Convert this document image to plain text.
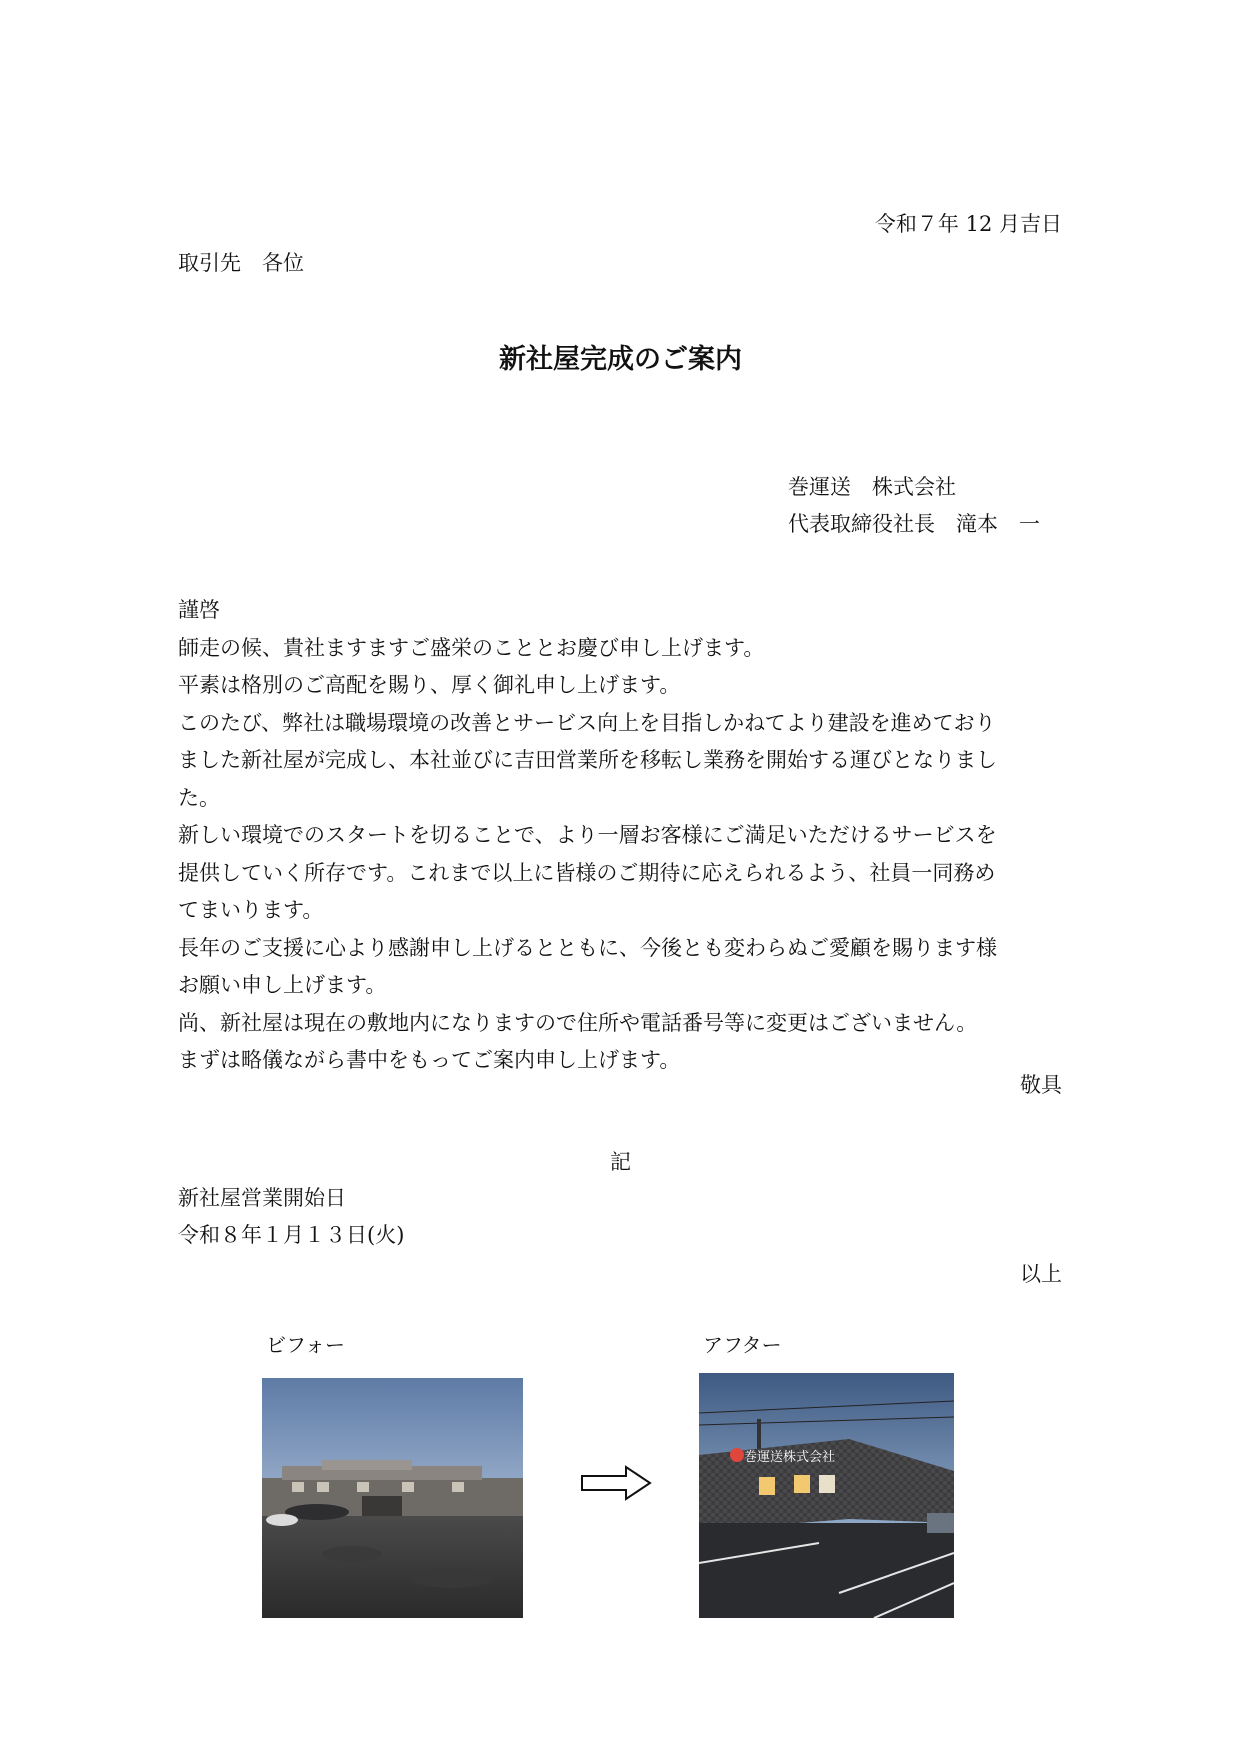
令和７年 12 月吉日
取引先　各位
新社屋完成のご案内
巻運送　株式会社
代表取締役社長　滝本　一
謹啓
師走の候、貴社ますますご盛栄のこととお慶び申し上げます。
平素は格別のご高配を賜り、厚く御礼申し上げます。
このたび、弊社は職場環境の改善とサービス向上を目指しかねてより建設を進めており
ました新社屋が完成し、本社並びに吉田営業所を移転し業務を開始する運びとなりまし
た。
新しい環境でのスタートを切ることで、より一層お客様にご満足いただけるサービスを
提供していく所存です。これまで以上に皆様のご期待に応えられるよう、社員一同務め
てまいります。
長年のご支援に心より感謝申し上げるとともに、今後とも変わらぬご愛顧を賜ります様
お願い申し上げます。
尚、新社屋は現在の敷地内になりますので住所や電話番号等に変更はございません。
まずは略儀ながら書中をもってご案内申し上げます。
敬具
記
新社屋営業開始日
令和８年１月１３日(火)
以上
ビフォー	アフター
巻運送株式会社
